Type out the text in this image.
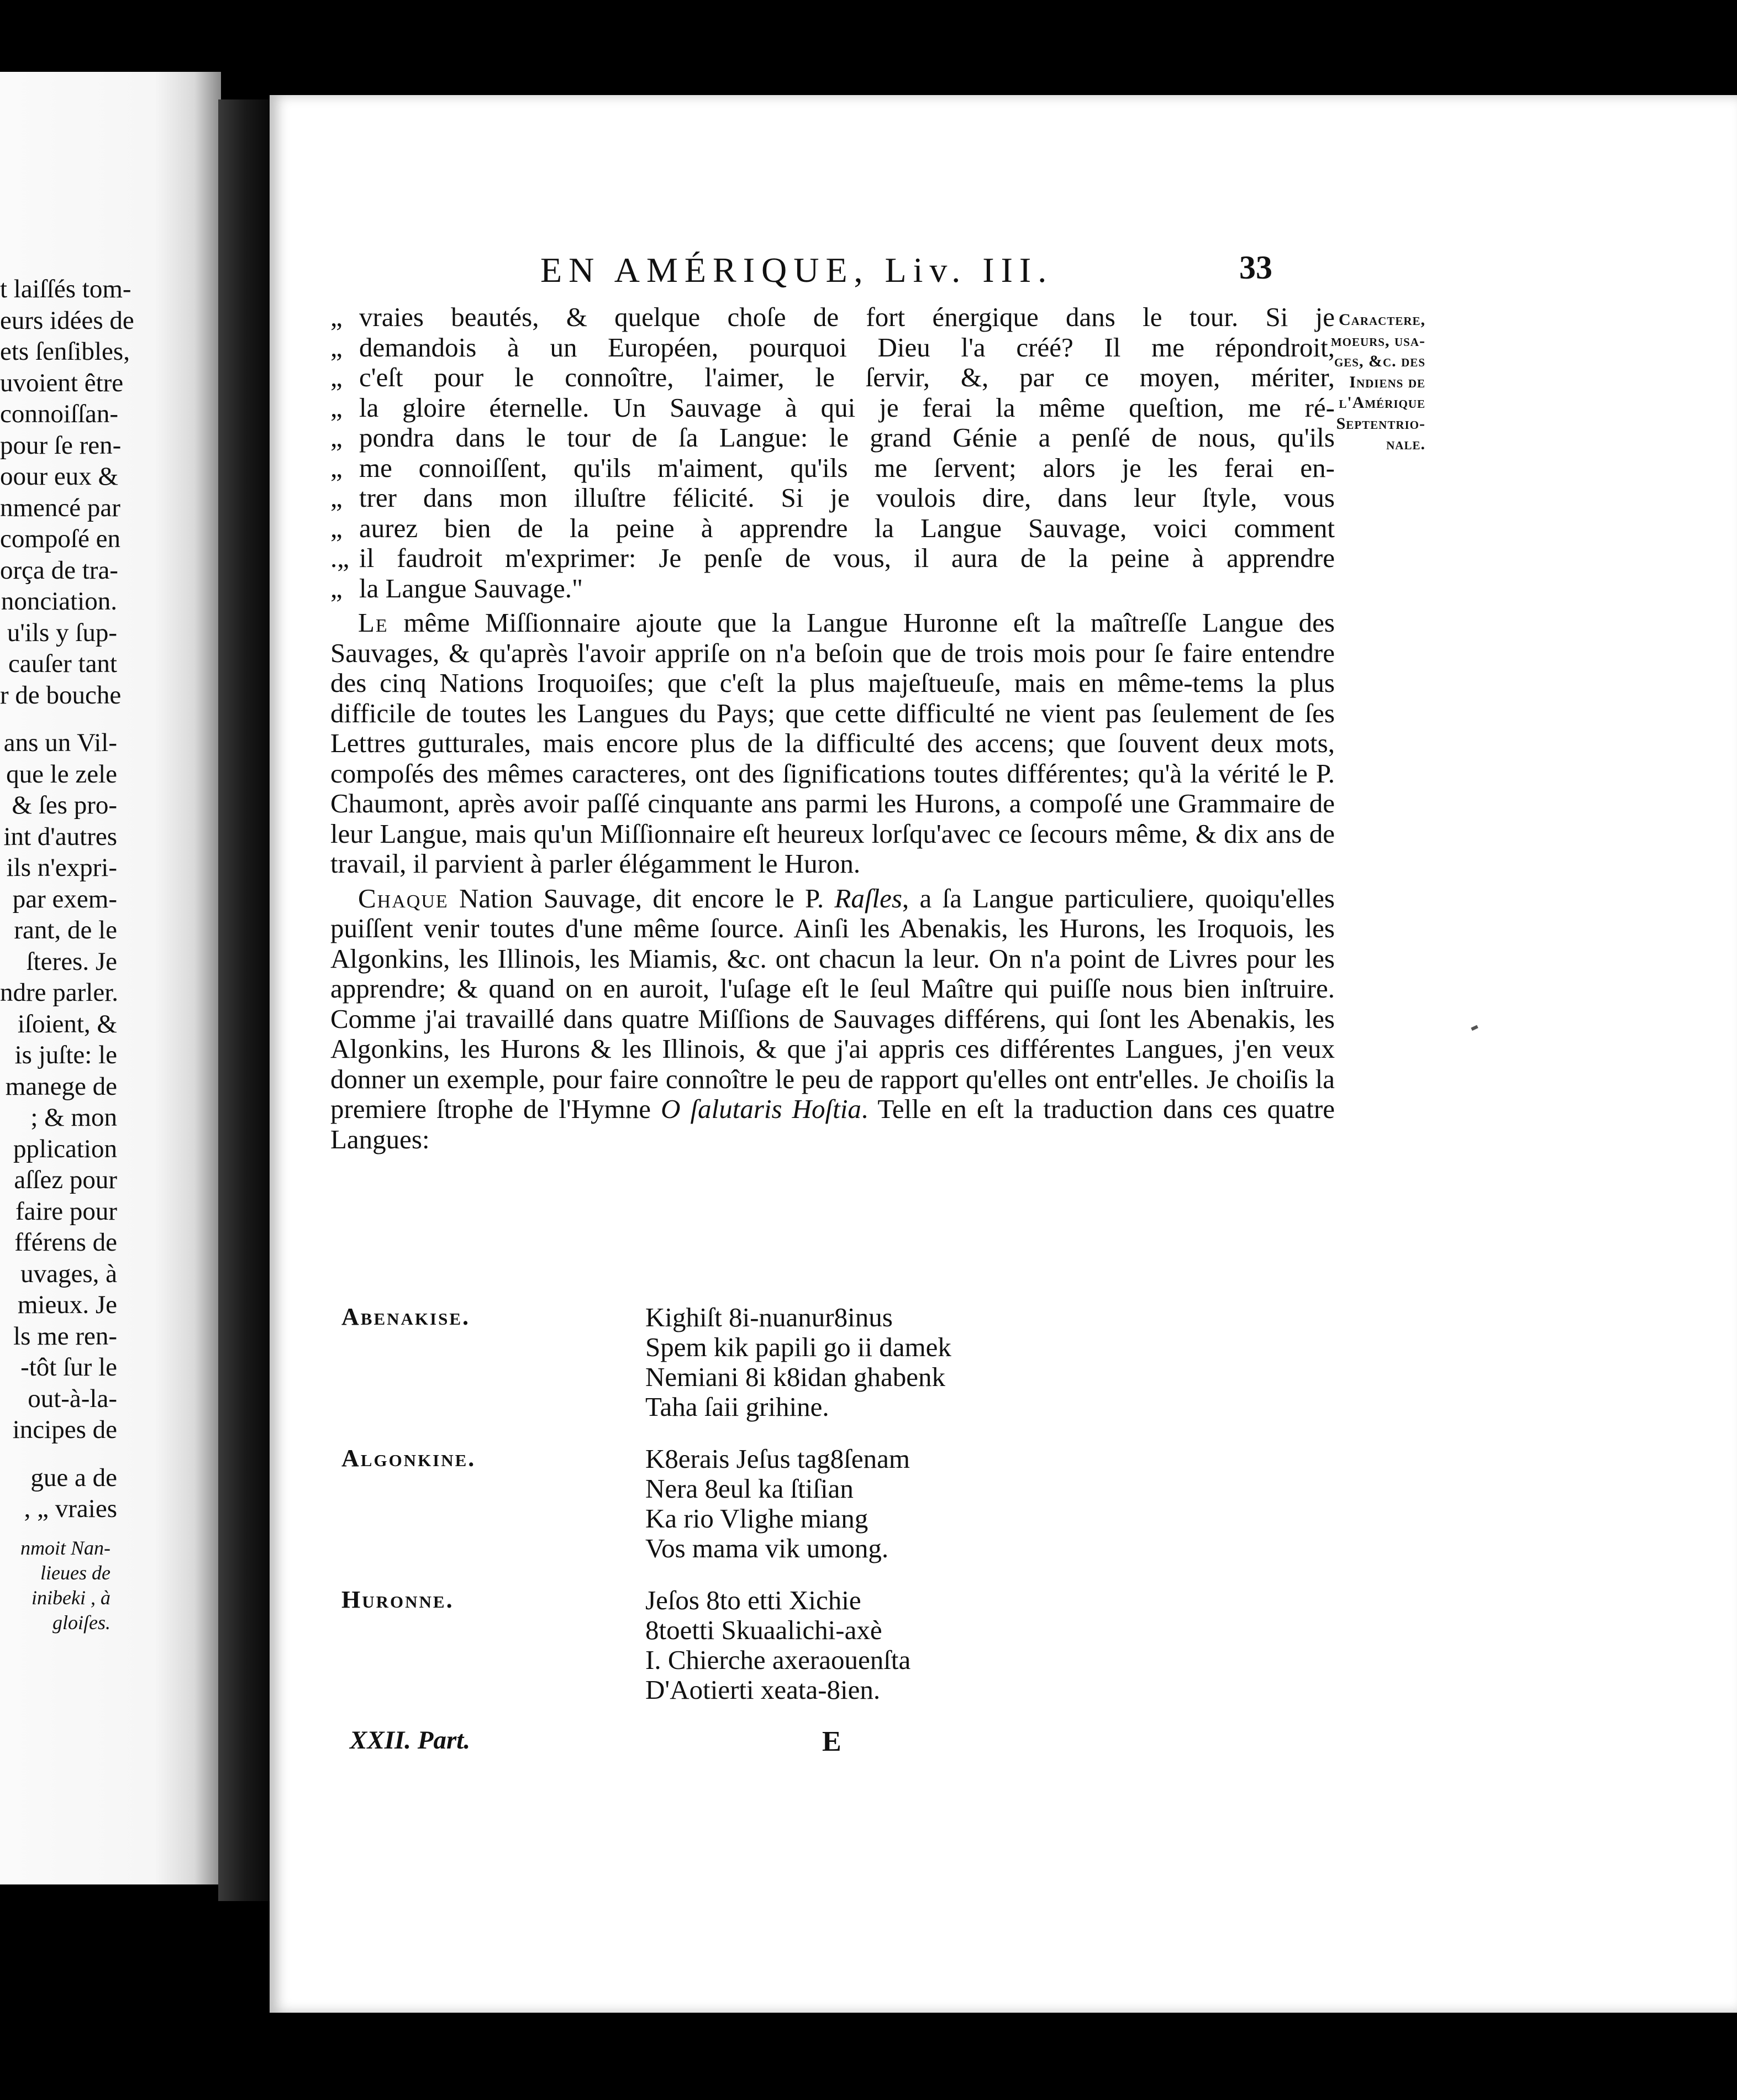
t laiſſés tom-
eurs idées de
ets ſenſibles,
uvoient être
connoiſſan-
pour ſe ren-
oour eux &
nmencé par
compoſé en
orça de tra-
nonciation.
u'ils y ſup-
cauſer tant
r de bouche
ans un Vil-
que le zele
& ſes pro-
int d'autres
ils n'expri-
par exem-
rant, de le
ſteres. Je
ndre parler.
iſoient, &
is juſte: le
manege de
; & mon
pplication
aſſez pour
faire pour
fférens de
uvages, à
mieux. Je
ls me ren-
-tôt ſur le
out-à-la-
incipes de
gue a de
, „ vraies
nmoit Nan-
lieues de
inibeki , à
gloiſes.
EN AMÉRIQUE, Liv. III.	33
Caractere,
moeurs, usa-
ges, &c. des
Indiens de
l'Amérique
Septentrio-
nale.
„ vraies beautés, & quelque choſe de fort énergique dans le tour. Si je
„ demandois à un Européen, pourquoi Dieu l'a créé? Il me répondroit,
„ c'eſt pour le connoître, l'aimer, le ſervir, &, par ce moyen, mériter,
„ la gloire éternelle. Un Sauvage à qui je ferai la même queſtion, me ré-
„ pondra dans le tour de ſa Langue: le grand Génie a penſé de nous, qu'ils
„ me connoiſſent, qu'ils m'aiment, qu'ils me ſervent; alors je les ferai en-
„ trer dans mon illuſtre félicité. Si je voulois dire, dans leur ſtyle, vous
„ aurez bien de la peine à apprendre la Langue Sauvage, voici comment
.„ il faudroit m'exprimer: Je penſe de vous, il aura de la peine à apprendre
„ la Langue Sauvage."
Le même Miſſionnaire ajoute que la Langue Huronne eſt la maîtreſſe Langue des Sauvages, & qu'après l'avoir appriſe on n'a beſoin que de trois mois pour ſe faire entendre des cinq Nations Iroquoiſes; que c'eſt la plus majeſtueuſe, mais en même-tems la plus difficile de toutes les Langues du Pays; que cette difficulté ne vient pas ſeulement de ſes Lettres gutturales, mais encore plus de la difficulté des accens; que ſouvent deux mots, compoſés des mêmes caracteres, ont des ſignifications toutes différentes; qu'à la vérité le P. Chaumont, après avoir paſſé cinquante ans parmi les Hurons, a compoſé une Grammaire de leur Langue, mais qu'un Miſſionnaire eſt heureux lorſqu'avec ce ſecours même, & dix ans de travail, il parvient à parler élégamment le Huron.
Chaque Nation Sauvage, dit encore le P. Raſles, a ſa Langue particuliere, quoiqu'elles puiſſent venir toutes d'une même ſource. Ainſi les Abenakis, les Hurons, les Iroquois, les Algonkins, les Illinois, les Miamis, &c. ont chacun la leur. On n'a point de Livres pour les apprendre; & quand on en auroit, l'uſage eſt le ſeul Maître qui puiſſe nous bien inſtruire. Comme j'ai travaillé dans quatre Miſſions de Sauvages différens, qui ſont les Abenakis, les Algonkins, les Hurons & les Illinois, & que j'ai appris ces différentes Langues, j'en veux donner un exemple, pour faire connoître le peu de rapport qu'elles ont entr'elles. Je choiſis la premiere ſtrophe de l'Hymne O ſalutaris Hoſtia. Telle en eſt la traduction dans ces quatre Langues:
Abenakise.	Kighiſt 8i-nuanur8inus
Spem kik papili go ii damek
Nemiani 8i k8idan ghabenk
Taha ſaii grihine.
Algonkine.	K8erais Jeſus tag8ſenam
Nera 8eul ka ſtiſian
Ka rio Vlighe miang
Vos mama vik umong.
Huronne.	Jeſos 8to etti Xichie
8toetti Skuaalichi-axè
I. Chierche axeraouenſta
D'Aotierti xeata-8ien.
XXII. Part.	E
